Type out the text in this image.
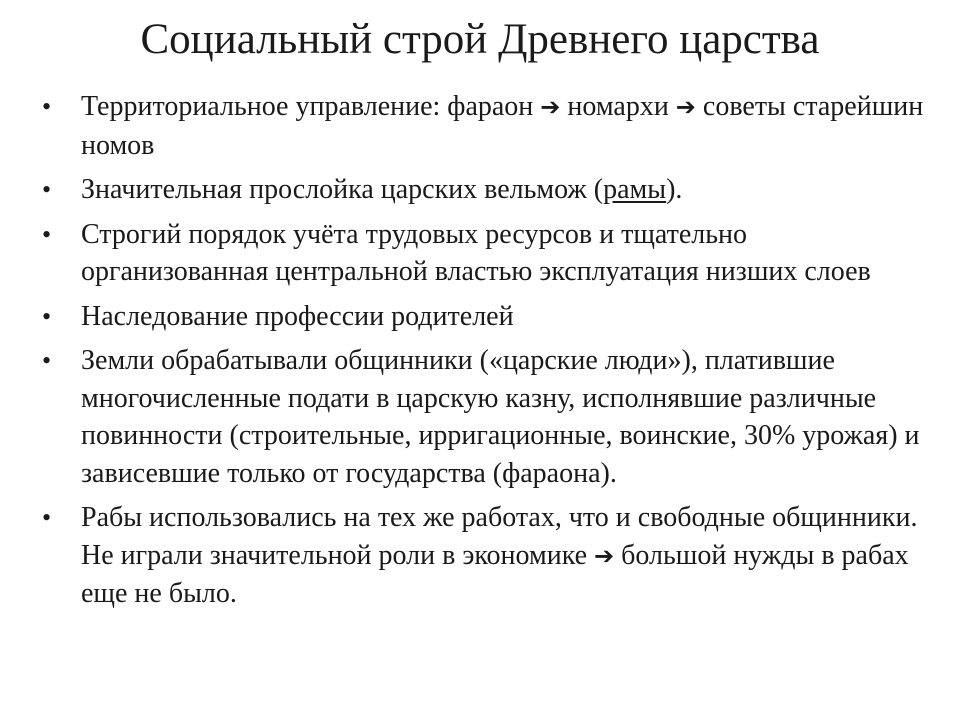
Социальный строй Древнего царства
• Территориальное управление: фараон ➔ номархи ➔ советы старейшин номов
• Значительная прослойка царских вельмож (рамы).
• Строгий порядок учёта трудовых ресурсов и тщательно организованная центральной властью эксплуатация низших слоев
• Наследование профессии родителей
• Земли обрабатывали общинники («царские люди»), платившие многочисленные подати в царскую казну, исполнявшие различные повинности (строительные, ирригационные, воинские, 30% урожая) и зависевшие только от государства (фараона).
• Рабы использовались на тех же работах, что и свободные общинники. Не играли значительной роли в экономике ➔ большой нужды в рабах еще не было.
